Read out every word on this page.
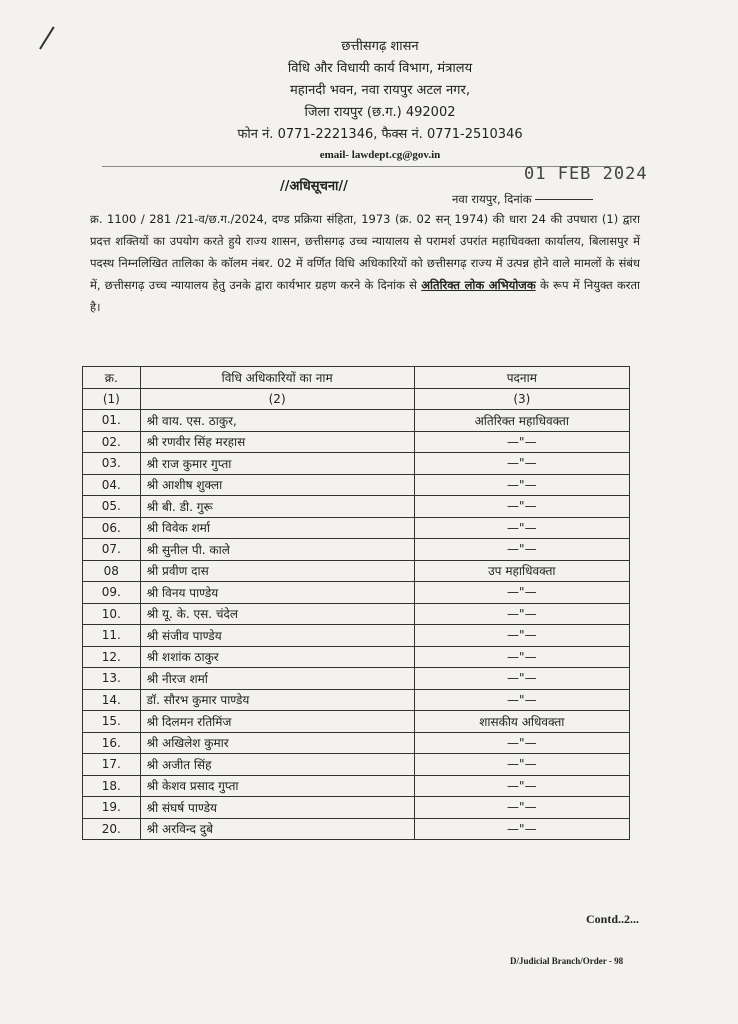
छत्तीसगढ़ शासन
विधि और विधायी कार्य विभाग, मंत्रालय
महानदी भवन, नवा रायपुर अटल नगर,
जिला रायपुर (छ.ग.) 492002
फोन नं. 0771-2221346, फैक्स नं. 0771-2510346
email- lawdept.cg@gov.in
01 FEB 2024
//अधिसूचना//
नवा रायपुर, दिनांक
क्र. 1100 / 281 /21-व/छ.ग./2024, दण्ड प्रक्रिया संहिता, 1973 (क्र. 02 सन् 1974) की धारा 24 की उपधारा (1) द्वारा प्रदत्त शक्तियों का उपयोग करते हुये राज्य शासन, छत्तीसगढ़ उच्च न्यायालय से परामर्श उपरांत महाधिवक्ता कार्यालय, बिलासपुर में पदस्थ निम्नलिखित तालिका के कॉलम नंबर. 02 में वर्णित विधि अधिकारियों को छत्तीसगढ़ राज्य में उत्पन्न होने वाले मामलों के संबंध में, छत्तीसगढ़ उच्च न्यायालय हेतु उनके द्वारा कार्यभार ग्रहण करने के दिनांक से अतिरिक्त लोक अभियोजक के रूप में नियुक्त करता है।
क्र.	विधि अधिकारियों का नाम	पदनाम
(1)	(2)	(3)
01.	श्री वाय. एस. ठाकुर,	अतिरिक्त महाधिवक्ता
02.	श्री रणवीर सिंह मरहास	—"—
03.	श्री राज कुमार गुप्ता	—"—
04.	श्री आशीष शुक्ला	—"—
05.	श्री बी. डी. गुरू	—"—
06.	श्री विवेक शर्मा	—"—
07.	श्री सुनील पी. काले	—"—
08	श्री प्रवीण दास	उप महाधिवक्ता
09.	श्री विनय पाण्डेय	—"—
10.	श्री यू. के. एस. चंदेल	—"—
11.	श्री संजीव पाण्डेय	—"—
12.	श्री शशांक ठाकुर	—"—
13.	श्री नीरज शर्मा	—"—
14.	डॉ. सौरभ कुमार पाण्डेय	—"—
15.	श्री दिलमन रतिमिंज	शासकीय अधिवक्ता
16.	श्री अखिलेश कुमार	—"—
17.	श्री अजीत सिंह	—"—
18.	श्री केशव प्रसाद गुप्ता	—"—
19.	श्री संघर्ष पाण्डेय	—"—
20.	श्री अरविन्द दुबे	—"—
Contd..2...
D/Judicial Branch/Order - 98
